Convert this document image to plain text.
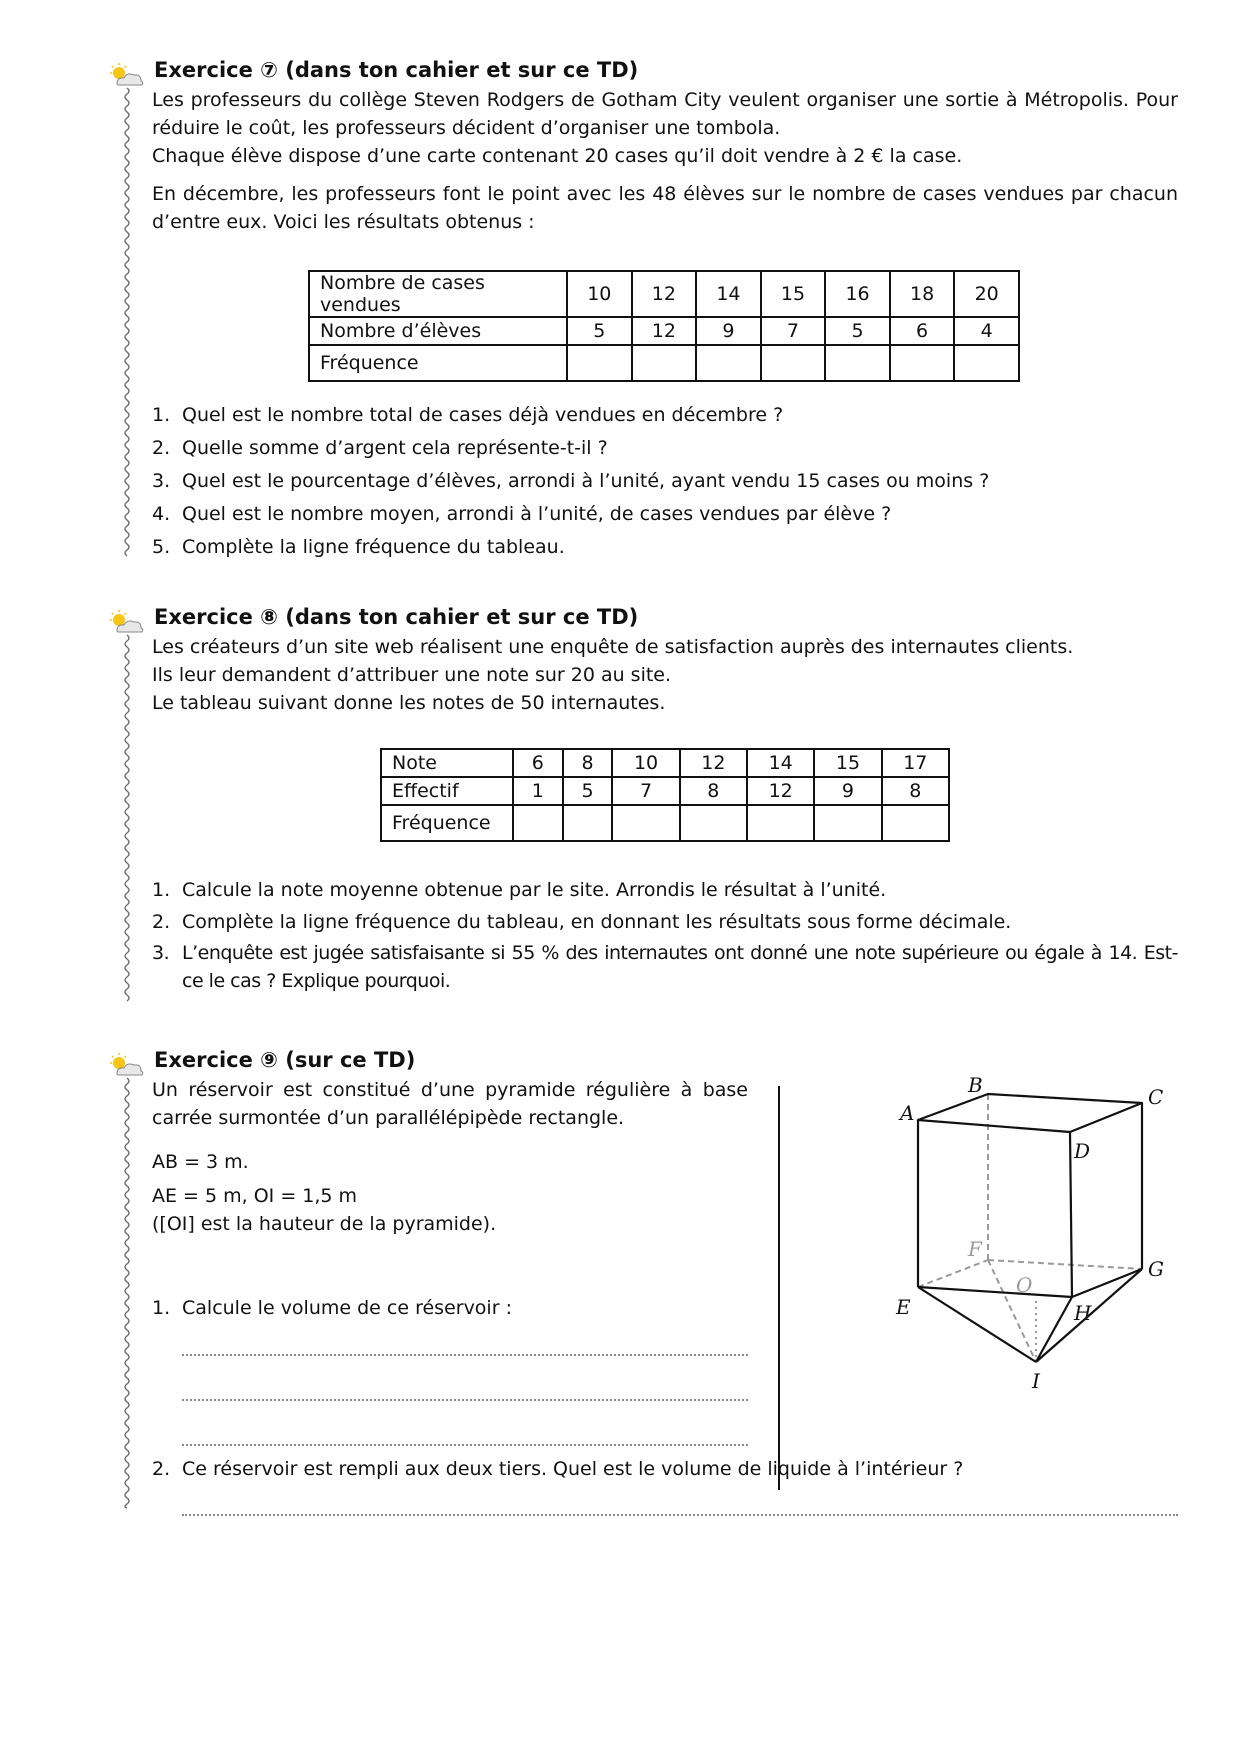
Exercice ⑦ (dans ton cahier et sur ce TD)

Les professeurs du collège Steven Rodgers de Gotham City veulent organiser une sortie à Métropolis. Pour réduire le coût, les professeurs décident d’organiser une tombola.

Chaque élève dispose d’une carte contenant 20 cases qu’il doit vendre à 2 € la case.

En décembre, les professeurs font le point avec les 48 élèves sur le nombre de cases vendues par chacun d’entre eux. Voici les résultats obtenus :

Nombre de cases vendues	10	12	14	15	16	18	20
Nombre d’élèves	5	12	9	7	5	6	4
Fréquence							
1. Quel est le nombre total de cases déjà vendues en décembre ?
2. Quelle somme d’argent cela représente-t-il ?
3. Quel est le pourcentage d’élèves, arrondi à l’unité, ayant vendu 15 cases ou moins ?
4. Quel est le nombre moyen, arrondi à l’unité, de cases vendues par élève ?
5. Complète la ligne fréquence du tableau.
Exercice ⑧ (dans ton cahier et sur ce TD)

Les créateurs d’un site web réalisent une enquête de satisfaction auprès des internautes clients.

Ils leur demandent d’attribuer une note sur 20 au site.

Le tableau suivant donne les notes de 50 internautes.

Note	6	8	10	12	14	15	17
Effectif	1	5	7	8	12	9	8
Fréquence							
1. Calcule la note moyenne obtenue par le site. Arrondis le résultat à l’unité.
2. Complète la ligne fréquence du tableau, en donnant les résultats sous forme décimale.
3. L’enquête est jugée satisfaisante si 55 % des internautes ont donné une note supérieure ou égale à 14. Est-ce le cas ? Explique pourquoi.
Exercice ⑨ (sur ce TD)

Un réservoir est constitué d’une pyramide régulière à base carrée surmontée d’un parallélépipède rectangle.

AB = 3 m.

AE = 5 m, OI = 1,5 m

([OI] est la hauteur de la pyramide).

1. Calcule le volume de ce réservoir :
2. Ce réservoir est rempli aux deux tiers. Quel est le volume de liquide à l’intérieur ?
A
B	C
D
E
F
G
H
O
I
